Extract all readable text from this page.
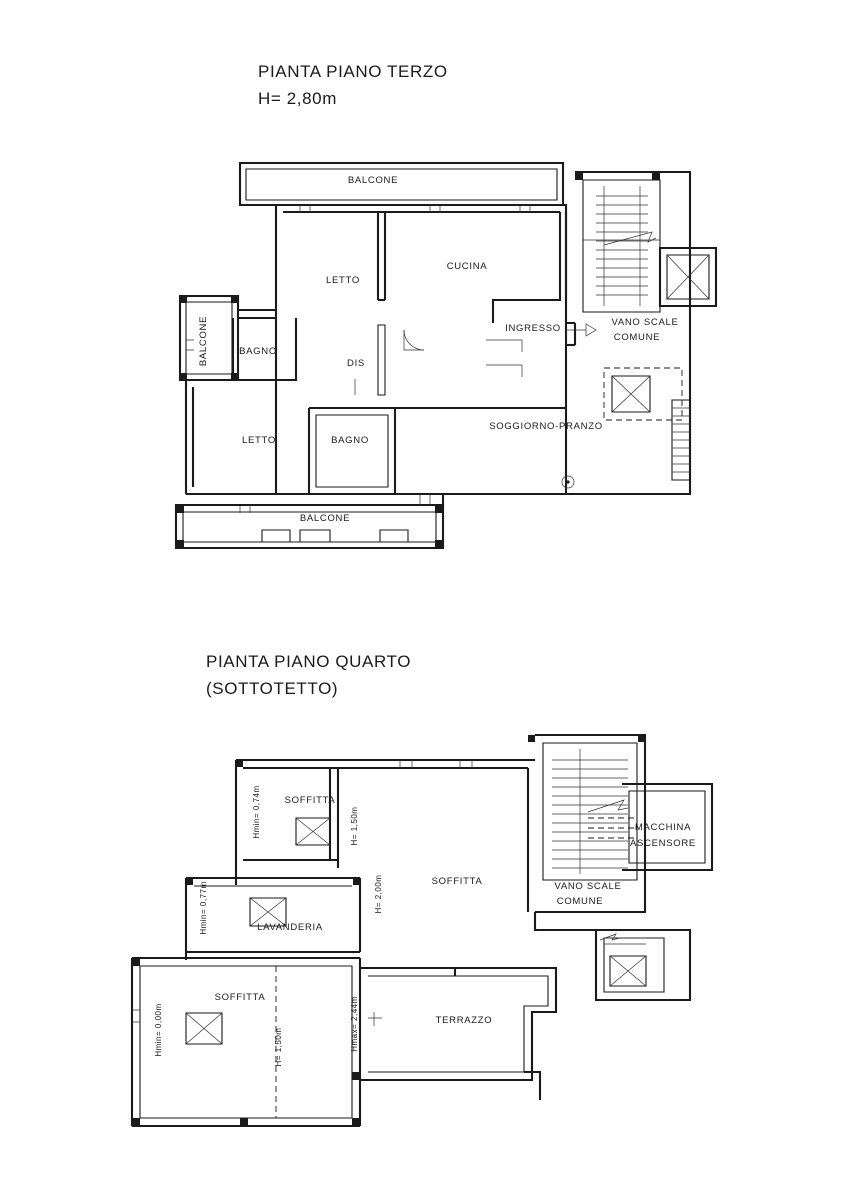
PIANTA PIANO TERZO
H= 2,80m
PIANTA PIANO QUARTO
(SOTTOTETTO)
BALCONE
LETTO
CUCINA
BALCONE	BAGNO
DIS
INGRESSO
VANO SCALE
COMUNE
LETTO	BAGNO
SOGGIORNO-PRANZO
BALCONE
SOFFITTA
SOFFITTA
LAVANDERIA
SOFFITTA
TERRAZZO
VANO SCALE
COMUNE
MACCHINA
ASCENSORE
Hmin= 0,74m	H= 1,50m
H= 2,00m
Hmin= 0,77m
Hmin= 0,00m	H= 1,50m	Hmax= 2,44m
